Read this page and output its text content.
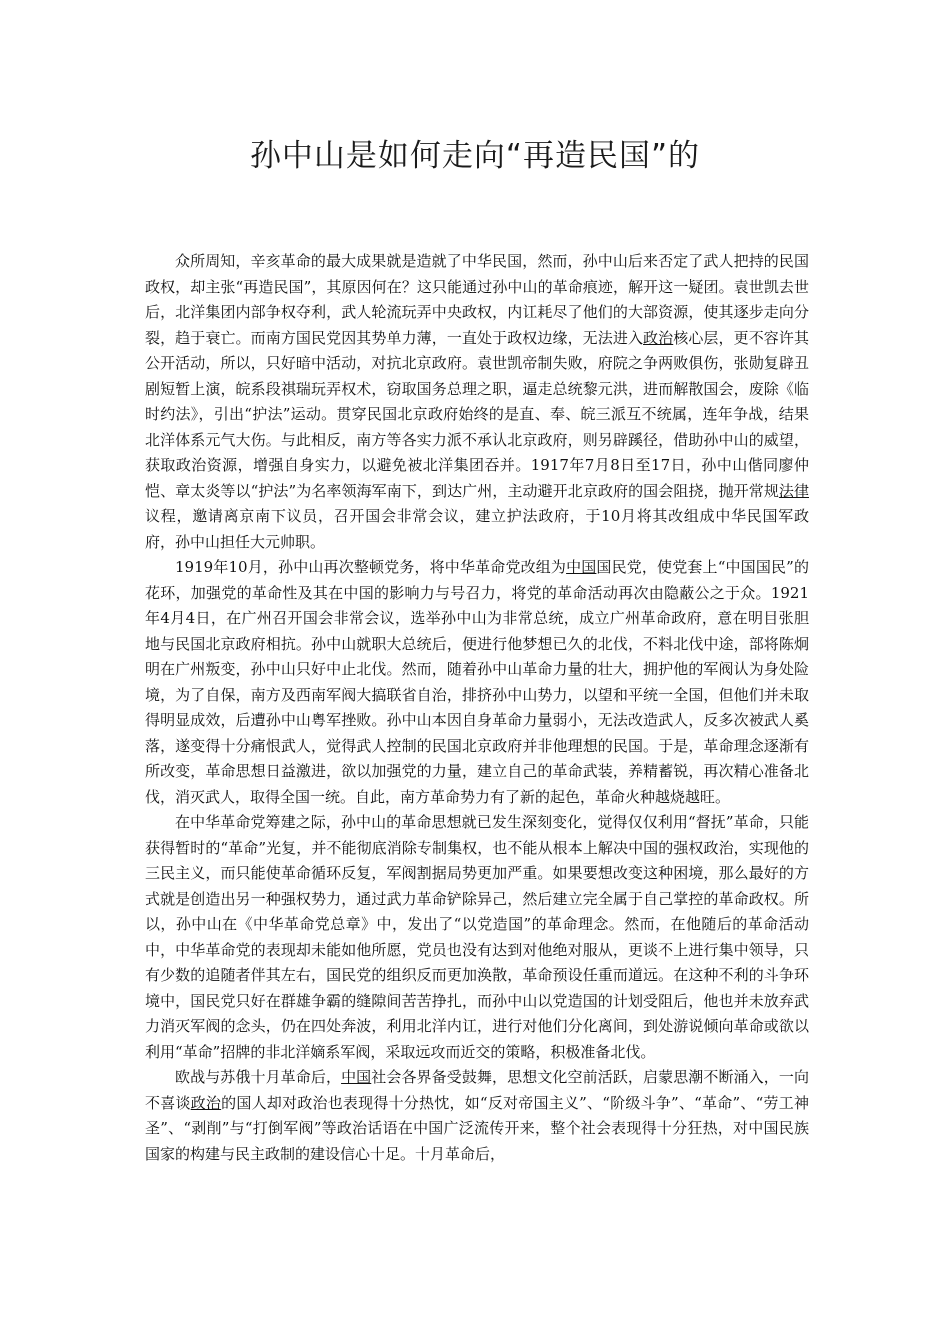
孙中山是如何走向“再造民国”的

众所周知，辛亥革命的最大成果就是造就了中华民国，然而，孙中山后来否定了武人把持的民国政权，却主张“再造民国”，其原因何在？这只能通过孙中山的革命痕迹，解开这一疑团。袁世凯去世后，北洋集团内部争权夺利，武人轮流玩弄中央政权，内讧耗尽了他们的大部资源，使其逐步走向分裂，趋于衰亡。而南方国民党因其势单力薄，一直处于政权边缘，无法进入政治核心层，更不容许其公开活动，所以，只好暗中活动，对抗北京政府。袁世凯帝制失败，府院之争两败俱伤，张勋复辟丑剧短暂上演，皖系段祺瑞玩弄权术，窃取国务总理之职，逼走总统黎元洪，进而解散国会，废除《临时约法》，引出“护法”运动。贯穿民国北京政府始终的是直、奉、皖三派互不统属，连年争战，结果北洋体系元气大伤。与此相反，南方等各实力派不承认北京政府，则另辟蹊径，借助孙中山的威望，获取政治资源，增强自身实力，以避免被北洋集团吞并。1917年7月8日至17日，孙中山偕同廖仲恺、章太炎等以“护法”为名率领海军南下，到达广州，主动避开北京政府的国会阻挠，抛开常规法律议程，邀请离京南下议员，召开国会非常会议，建立护法政府，于10月将其改组成中华民国军政府，孙中山担任大元帅职。

1919年10月，孙中山再次整顿党务，将中华革命党改组为中国国民党，使党套上“中国国民”的花环，加强党的革命性及其在中国的影响力与号召力，将党的革命活动再次由隐蔽公之于众。1921年4月4日，在广州召开国会非常会议，选举孙中山为非常总统，成立广州革命政府，意在明目张胆地与民国北京政府相抗。孙中山就职大总统后，便进行他梦想已久的北伐，不料北伐中途，部将陈炯明在广州叛变，孙中山只好中止北伐。然而，随着孙中山革命力量的壮大，拥护他的军阀认为身处险境，为了自保，南方及西南军阀大搞联省自治，排挤孙中山势力，以望和平统一全国，但他们并未取得明显成效，后遭孙中山粤军挫败。孙中山本因自身革命力量弱小，无法改造武人，反多次被武人奚落，遂变得十分痛恨武人，觉得武人控制的民国北京政府并非他理想的民国。于是，革命理念逐渐有所改变，革命思想日益激进，欲以加强党的力量，建立自己的革命武装，养精蓄锐，再次精心准备北伐，消灭武人，取得全国一统。自此，南方革命势力有了新的起色，革命火种越烧越旺。

在中华革命党筹建之际，孙中山的革命思想就已发生深刻变化，觉得仅仅利用“督抚”革命，只能获得暂时的“革命”光复，并不能彻底消除专制集权，也不能从根本上解决中国的强权政治，实现他的三民主义，而只能使革命循环反复，军阀割据局势更加严重。如果要想改变这种困境，那么最好的方式就是创造出另一种强权势力，通过武力革命铲除异己，然后建立完全属于自己掌控的革命政权。所以，孙中山在《中华革命党总章》中，发出了“以党造国”的革命理念。然而，在他随后的革命活动中，中华革命党的表现却未能如他所愿，党员也没有达到对他绝对服从，更谈不上进行集中领导，只有少数的追随者伴其左右，国民党的组织反而更加涣散，革命预设任重而道远。在这种不利的斗争环境中，国民党只好在群雄争霸的缝隙间苦苦挣扎，而孙中山以党造国的计划受阻后，他也并未放弃武力消灭军阀的念头，仍在四处奔波，利用北洋内讧，进行对他们分化离间，到处游说倾向革命或欲以利用“革命”招牌的非北洋嫡系军阀，采取远攻而近交的策略，积极准备北伐。

欧战与苏俄十月革命后，中国社会各界备受鼓舞，思想文化空前活跃，启蒙思潮不断涌入，一向不喜谈政治的国人却对政治也表现得十分热忱，如“反对帝国主义”、“阶级斗争”、“革命”、“劳工神圣”、“剥削”与“打倒军阀”等政治话语在中国广泛流传开来，整个社会表现得十分狂热，对中国民族国家的构建与民主政制的建设信心十足。十月革命后，
